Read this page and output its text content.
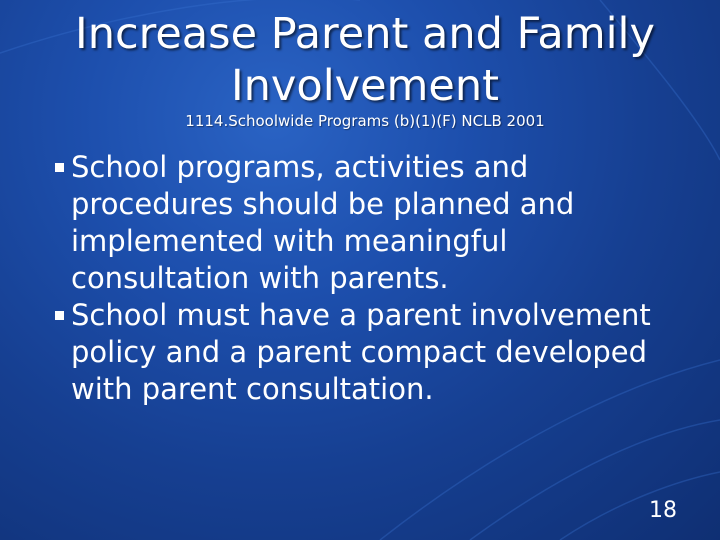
Increase Parent and Family
Involvement
1114.Schoolwide Programs (b)(1)(F) NCLB 2001
School programs, activities and procedures should be planned and implemented with meaningful consultation with parents.
School must have a parent involvement policy and a parent compact developed with parent consultation.
18
